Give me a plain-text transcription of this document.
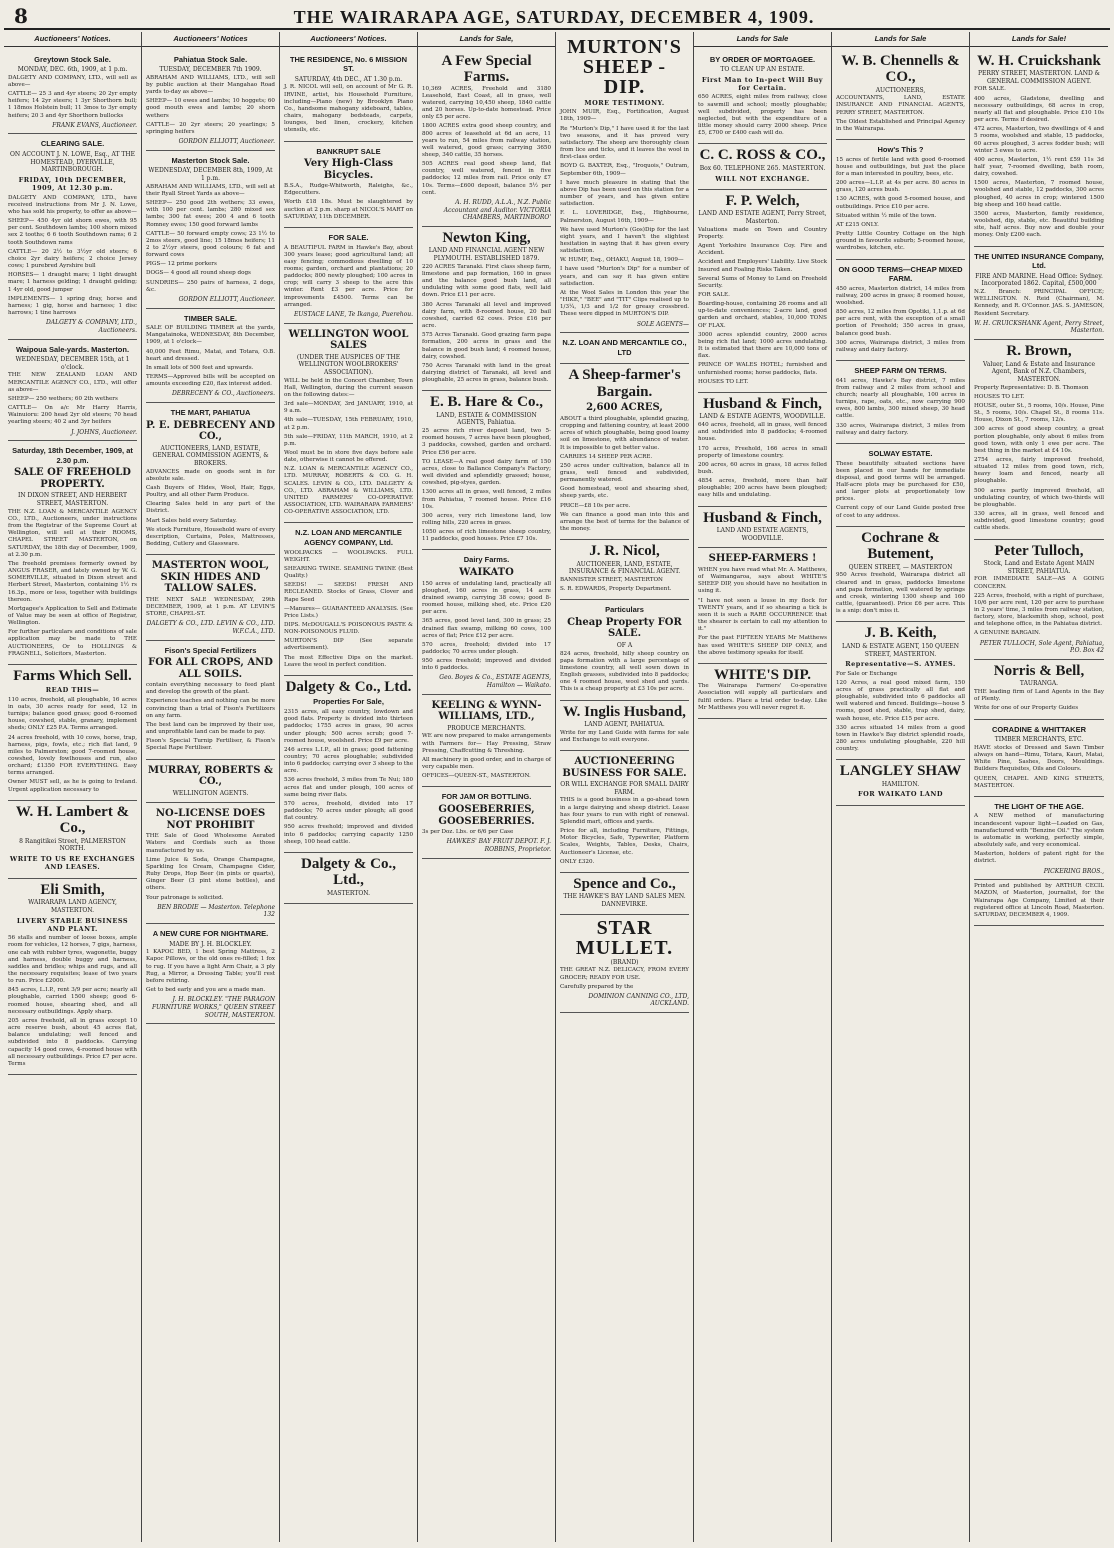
8	THE WAIRARAPA AGE, SATURDAY, DECEMBER 4, 1909.
Auctioneers' Notices.
Greytown Stock Sale.
MONDAY, DEC. 6th, 1909, at 1 p.m.

DALGETY AND COMPANY, LTD., will sell as above—

CATTLE— 25 3 and 4yr steers; 20 2yr empty heifers; 14 2yr steers; 1 3yr Shorthorn bull; 1 18mos Holstein bull; 11 3mos to 3yr empty heifers; 20 3 and 4yr Shorthorn bullocks

FRANK EVANS, Auctioneer.
CLEARING SALE.
ON ACCOUNT J. N. LOWE, Esq., AT THE HOMESTEAD, DYERVILLE, MARTINBOROUGH.
FRIDAY, 10th DECEMBER, 1909, At 12.30 p.m.

DALGETY AND COMPANY, LTD., have received instructions from Mr J. N. Lowe, who has sold his property, to offer as above—

SHEEP— 450 4yr old shorn ewes, with 95 per cent. Southdown lambs; 100 shorn mixed sex 2 tooths; 6 6 tooth Southdown rams; 6 2 tooth Southdown rams

CATTLE— 20 2½ to 3½yr old steers; 6 choice 2yr dairy heifers; 2 choice Jersey cows; 1 purebred Ayrshire bull

HORSES— 1 draught mare; 1 light draught mare; 1 harness gelding; 1 draught gelding; 1 4yr old, good jumper

IMPLEMENTS— 1 spring dray, horse and harness; 1 gig, horse and harness; 1 disc harrows; 1 tine harrows

DALGETY & COMPANY, LTD., Auctioneers.
Waipoua Sale-yards. Masterton.
WEDNESDAY, DECEMBER 15th, at 1 o'clock.

THE NEW ZEALAND LOAN AND MERCANTILE AGENCY CO., LTD., will offer as above—

SHEEP— 250 wethers; 60 2th wethers

CATTLE— On a/c Mr Harry Harris, Wainuioru: 200 head 2yr old steers; 70 head yearling steers; 40 2 and 3yr heifers

J. JOHNS, Auctioneer.
Saturday, 18th December, 1909, at 2.30 p.m.
SALE OF FREEHOLD PROPERTY.
IN DIXON STREET, AND HERBERT STREET, MASTERTON.

THE N.Z. LOAN & MERCANTILE AGENCY CO., LTD., Auctioneers, under instructions from the Registrar of the Supreme Court at Wellington, will sell at their ROOMS, CHAPEL STREET MASTERTON, on SATURDAY, the 18th day of December, 1909, at 2.30 p.m.

The freehold premises formerly owned by ANGUS FRASER, and lately owned by W. G. SOMERVILLE, situated in Dixon street and Herbert Street, Masterton, containing 1½ rs 16.3p., more or less, together with buildings thereon.

Mortgagee's Application to Sell and Estimate of Value may be seen at office of Registrar, Wellington.

For further particulars and conditions of sale application may be made to THE AUCTIONEERS, Or to HOLLINGS & FRAGNELL, Solicitors, Masterton.

Farms Which Sell.
READ THIS—

110 acres, freehold, all ploughable, 16 acres in oats, 30 acres ready for seed, 12 in turnips; balance good grass; good 6-roomed house, cowshed, stable, granary, implement sheds; ONLY £25 P.A. Terms arranged.

24 acres freehold, with 10 cows, horse, trap, harness, pigs, fowls, etc.; rich flat land, 9 miles to Palmerston; good 7-roomed house, cowshed, lovely fowlhouses and run, also orchard; £1350 FOR EVERYTHING. Easy terms arranged.

Owner MUST sell, as he is going to Ireland. Urgent application necessary to

W. H. Lambert & Co.,
8 Rangitikei Street, PALMERSTON NORTH.
WRITE TO US RE EXCHANGES AND LEASES.
Eli Smith,
WAIRARAPA LAND AGENCY, MASTERTON.
LIVERY STABLE BUSINESS AND PLANT.

56 stalls and number of loose boxes, ample room for vehicles, 12 horses, 7 gigs, harness, one cab with rubber tyres, wagonette, buggy and harness, double buggy and harness, saddles and bridles; whips and rugs, and all the necessary requisites; lease of two years to run. Price £2000.

845 acres, L.I.P., rent 3/9 per acre; nearly all ploughable, carried 1500 sheep; good 6-roomed house, shearing shed, and all necessary outbuildings. Apply sharp.

205 acres freehold, all in grass except 10 acre reserve bush, about 45 acres flat, balance undulating; well fenced and subdivided into 8 paddocks. Carrying capacity 14 good cows, 4-roomed house with all necessary outbuildings. Price £7 per acre. Terms

Auctioneers' Notices
Pahiatua Stock Sale.
TUESDAY, DECEMBER 7th 1909.

ABRAHAM AND WILLIAMS, LTD., will sell by public auction at their Mangahao Road yards to-day as above—

SHEEP— 10 ewes and lambs; 10 hoggets; 60 good mouth ewes and lambs; 20 shorn wethers

CATTLE— 20 2yr steers; 20 yearlings; 5 springing heifers

GORDON ELLIOTT, Auctioneer.
Masterton Stock Sale.
WEDNESDAY, DECEMBER 8th, 1909, At 1 p.m.

ABRAHAM AND WILLIAMS, LTD., will sell at their Ryall Street Yards as above—

SHEEP— 250 good 2th wethers; 33 ewes, with 100 per cent. lambs; 280 mixed sex lambs; 300 fat ewes; 200 4 and 6 tooth Romney ewes; 150 good forward lambs

CATTLE— 50 forward empty cows; 23 1½ to 2mos steers, good line; 15 18mos heifers; 11 2 to 2½yr steers, good colours; 6 fat and forward cows

PIGS— 12 prime porkers

DOGS— 4 good all round sheep dogs

SUNDRIES— 250 pairs of harness, 2 dogs, &c.

GORDON ELLIOTT, Auctioneer.
TIMBER SALE.

SALE OF BUILDING TIMBER at the yards, Mangatainoka, WEDNESDAY, 8th December, 1909, at 1 o'clock—

40,000 Feet Rimu, Matai, and Totara, O.B. heart and dressed.

In small lots of 500 feet and upwards.

TERMS—Approved bills will be accepted on amounts exceeding £20, flax interest added.

DEBRECENY & CO., Auctioneers.
THE MART, PAHIATUA
P. E. DEBRECENY AND CO.,
AUCTIONEERS, LAND, ESTATE, GENERAL COMMISSION AGENTS, & BROKERS.

ADVANCES made on goods sent in for absolute sale.

Cash Buyers of Hides, Wool, Hair, Eggs, Poultry, and all other Farm Produce.

Clearing Sales held in any part of the District.

Mart Sales held every Saturday.

We stock Furniture, Household ware of every description, Curtains, Poles, Mattresses, Bedding, Cutlery and Glassware.

MASTERTON WOOL, SKIN HIDES AND TALLOW SALES.

THE NEXT SALE WEDNESDAY, 29th DECEMBER, 1909, at 1 p.m. AT LEVIN'S STORE, CHAPEL-ST.

DALGETY & CO., LTD. LEVIN & CO., LTD. W.F.C.A., LTD.
Fison's Special Fertilizers
FOR ALL CROPS, AND ALL SOILS.

contain everything necessary to feed plant and develop the growth of the plant.

Experience teaches and nothing can be more convincing than a trial of Fison's Fertilizers on any farm.

The best land can be improved by their use, and unprofitable land can be made to pay.

Fison's Special Turnip Fertiliser, & Fison's Special Rape Fertiliser.

MURRAY, ROBERTS & CO.,
WELLINGTON AGENTS.
NO-LICENSE DOES NOT PROHIBIT

THE Sale of Good Wholesome Aerated Waters and Cordials such as those manufactured by us.

Lime Juice & Soda, Orange Champagne, Sparkling Ice Cream, Champagne Cider, Ruby Drops, Hop Beer (in pints or quarts), Ginger Beer (3 pint stone bottles), and others.

Your patronage is solicited.

BEN BRODIE — Masterton. Telephone 132
A NEW CURE FOR NIGHTMARE.
MADE BY J. H. BLOCKLEY.

1 KAPOC BED, 1 best Spring Mattress, 2 Kapoc Pillows, or the old ones re-filled; 1 fox to rug. If you have a light Arm Chair, a 3 ply Rug, a Mirror, a Dressing Table; you'll rest before retiring.

Get to bed early and you are a made man.

J. H. BLOCKLEY. "THE PARAGON FURNITURE WORKS," QUEEN STREET SOUTH, MASTERTON.
Auctioneers' Notices.
THE RESIDENCE, No. 6 MISSION ST.
SATURDAY, 4th DEC., AT 1.30 p.m.

J. R. NICOL will sell, on account of Mr G. R. IRVINE, artist, his Household Furniture, including—Piano (new) by Brooklyn Piano Co., handsome mahogany sideboard, tables, chairs, mahogany bedsteads, carpets, lounges, bed linen, crockery, kitchen utensils, etc.

BANKRUPT SALE
Very High-Class Bicycles.

B.S.A., Rudge-Whitworth, Raleighs, &c., Edgecutters.

Worth £18 18s. Must be slaughtered by auction at 2 p.m. sharp at NICOL'S MART on SATURDAY, 11th DECEMBER.

FOR SALE.

A BEAUTIFUL FARM in Hawke's Bay, about 300 years lease; good agricultural land; all easy fencing; commodious dwelling of 10 rooms; garden, orchard and plantations; 20 paddocks; 800 newly ploughed; 100 acres in crop; will carry 3 sheep to the acre this winter. Rent £3 per acre. Price for improvements £4500. Terms can be arranged.

EUSTACE LANE, Te Ikanga, Puerehou.
WELLINGTON WOOL SALES
(UNDER THE AUSPICES OF THE WELLINGTON WOOLBROKERS' ASSOCIATION).

WILL be held in the Concert Chamber, Town Hall, Wellington, during the current season on the following dates:—

3rd sale—MONDAY, 3rd JANUARY, 1910, at 9 a.m.

4th sale—TUESDAY, 15th FEBRUARY, 1910, at 2 p.m.

5th sale—FRIDAY, 11th MARCH, 1910, at 2 p.m.

Wool must be in store five days before sale date, otherwise it cannot be offered.

N.Z. LOAN & MERCANTILE AGENCY CO., LTD. MURRAY, ROBERTS & CO. G. H. SCALES. LEVIN & CO., LTD. DALGETY & CO., LTD. ABRAHAM & WILLIAMS, LTD. UNITED FARMERS' CO-OPERATIVE ASSOCIATION, LTD. WAIRARAPA FARMERS' CO-OPERATIVE ASSOCIATION, LTD.

N.Z. LOAN AND MERCANTILE AGENCY COMPANY, Ltd.

WOOLPACKS — WOOLPACKS. FULL WEIGHT.

SHEARING TWINE. SEAMING TWINE (Best Quality.)

SEEDS! — SEEDS! FRESH AND RECLEANED. Stocks of Grass, Clover and Rape Seed

—Manures— GUARANTEED ANALYSIS. (See Price Lists.)

DIPS. McDOUGALL'S POISONOUS PASTE & NON-POISONOUS FLUID.

MURTON'S DIP (See separate advertisement).

The most Effective Dips on the market. Leave the wool in perfect condition.

Dalgety & Co., Ltd.
Properties For Sale,

2315 acres, all easy country, lowdown and good flats. Property is divided into thirteen paddocks; 1755 acres in grass, 90 acres under plough; 500 acres scrub; good 7-roomed house, woolshed. Price £9 per acre.

246 acres L.I.P., all in grass; good fattening country; 70 acres ploughable; subdivided into 6 paddocks; carrying over 3 sheep to the acre.

536 acres freehold, 3 miles from Te Nui; 180 acres flat and under plough, 100 acres of same being river flats.

570 acres, freehold, divided into 17 paddocks; 70 acres under plough; all good flat country.

950 acres freehold; improved and divided into 6 paddocks; carrying capacity 1250 sheep, 100 head cattle.

Dalgety & Co., Ltd.,
MASTERTON.
Lands for Sale,
A Few Special Farms.

10,369 ACRES, Freehold and 3180 Leasehold, East Coast, all in grass, well watered, carrying 10,450 sheep, 1840 cattle and 20 horses. Up-to-date homestead. Price only £5 per acre.

1800 ACRES extra good sheep country, and 800 acres of leasehold at 6d an acre, 11 years to run, 54 miles from railway station, well watered, good grass; carrying 3650 sheep, 340 cattle, 35 horses.

505 ACRES real good sheep land, flat country, well watered, fenced in five paddocks; 12 miles from rail. Price only £7 10s. Terms—£600 deposit, balance 5½ per cent.

A. H. RUDD, A.L.A., N.Z. Public Accountant and Auditor. VICTORIA CHAMBERS, MARTINBORO'
Newton King,
LAND AND FINANCIAL AGENT NEW PLYMOUTH. ESTABLISHED 1879.

220 ACRES Taranaki. First class sheep farm, limestone and pap formation, 160 in grass and the balance good bush land, all undulating with some good flats, well laid down. Price £11 per acre.

380 Acres Taranaki all level and improved dairy farm, with 8-roomed house, 20 bail cowshed, carried 62 cows. Price £16 per acre.

575 Acres Taranaki. Good grazing farm papa formation, 200 acres in grass and the balance in good bush land; 4 roomed house, dairy, cowshed.

750 Acres Taranaki with land in the great dairying district of Taranaki, all level and ploughable, 25 acres in grass, balance bush.

E. B. Hare & Co.,
LAND, ESTATE & COMMISSION AGENTS, Pahiatua.

25 acres rich river deposit land, two 5-roomed houses, 7 acres have been ploughed, 3 paddocks, cowshed, garden and orchard. Price £56 per acre.

TO LEASE—A real good dairy farm of 150 acres, close to Ballance Company's Factory; well divided and splendidly grassed; house, cowshed, pig-styes, garden.

1300 acres all in grass, well fenced, 2 miles from Pahiatua, 7 roomed house. Price £16 10s.

300 acres, very rich limestone land, low rolling hills, 220 acres in grass.

1050 acres of rich limestone sheep country, 11 paddocks, good houses. Price £7 10s.

Dairy Farms.
WAIKATO

150 acres of undulating land, practically all ploughed, 160 acres in grass, 14 acre drained swamp, carrying 38 cows; good 8-roomed house, milking shed, etc. Price £20 per acre.

365 acres, good level land, 300 in grass; 25 drained flax swamp, milking 60 cows, 100 acres of flat; Price £12 per acre.

570 acres, freehold; divided into 17 paddocks; 70 acres under plough.

950 acres freehold; improved and divided into 6 paddocks.

Geo. Boyes & Co., ESTATE AGENTS, Hamilton — Waikato.
KEELING & WYNN-WILLIAMS, LTD.,
PRODUCE MERCHANTS.

WE are now prepared to make arrangements with Farmers for— Hay Pressing, Straw Pressing, Chaffcutting & Threshing.

All machinery in good order, and in charge of very capable men.

OFFICES—QUEEN-ST., MASTERTON.

FOR JAM OR BOTTLING.
GOOSEBERRIES, GOOSEBERRIES.

3s per Doz. Lbs. or 6/6 per Case

HAWKES' BAY FRUIT DEPOT. F. J. ROBBINS, Proprietor.
MURTON'S SHEEP - DIP.
MORE TESTIMONY.

JOHN MUIR, Esq., Fortification, August 18th, 1909—

Re "Murton's Dip," I have used it for the last two seasons, and it has proved very satisfactory. The sheep are thoroughly clean from lice and ticks, and it leaves the wool in first-class order.

BOYD G. BAXTER, Esq., "Iroquois," Outram, September 6th, 1909—

I have much pleasure in stating that the above Dip has been used on this station for a number of years, and has given entire satisfaction.

F. L. LOVERIDGE, Esq., Highbourne, Palmerston, August 16th, 1909—

We have used Murton's (Gos)Dip for the last eight years, and I haven't the slightest hesitation in saying that it has given every satisfaction.

W. HUMF, Esq., OHAKU, August 18, 1909—

I have used "Murton's Dip" for a number of years, and can say it has given entire satisfaction.

At the Wool Sales in London this year the "HIKE," "BEE" and "TIT" Clips realised up to 1/3¼, 1/3 and 1/2 for greasy crossbred. These were dipped in MURTON'S DIP.

SOLE AGENTS—
N.Z. LOAN AND MERCANTILE CO., LTD
A Sheep-farmer's Bargain.
2,600 ACRES,

ABOUT a third ploughable, splendid grazing, cropping and fattening country, at least 2000 acres of which ploughable, being good loamy soil on limestone, with abundance of water. It is impossible to get better value.

CARRIES 14 SHEEP PER ACRE.

250 acres under cultivation, balance all in grass, well fenced and subdivided, permanently watered.

Good homestead, wool and shearing shed, sheep yards, etc.

PRICE—£8 10s per acre.

We can finance a good man into this and arrange the best of terms for the balance of the money.

J. R. Nicol,
AUCTIONEER, LAND, ESTATE, INSURANCE & FINANCIAL AGENT.

BANNISTER STREET, MASTERTON

S. R. EDWARDS, Property Department.

Particulars
Cheap Property FOR SALE.
OF A

824 acres, freehold, hilly sheep country on papa formation with a large percentage of limestone country, all well sown down in English grasses, subdivided into 8 paddocks; one 4 roomed house, wool shed and yards. This is a cheap property at £3 10s per acre.

W. Inglis Husband,
LAND AGENT, PAHIATUA.

Write for my Land Guide with farms for sale and Exchange to suit everyone.

AUCTIONEERING BUSINESS FOR SALE.
OR WILL EXCHANGE FOR SMALL DAIRY FARM.

THIS is a good business in a go-ahead town in a large dairying and sheep district. Lease has four years to run with right of renewal. Splendid mart, offices and yards.

Price for all, including Furniture, Fittings, Motor Bicycles, Safe, Typewriter, Platform Scales, Weights, Tables, Desks, Chairs, Auctioneer's License, etc.

ONLY £320.

Spence and Co.,
THE HAWKE'S BAY LAND SALES MEN. DANNEVIRKE.
STAR MULLET.
(BRAND)

THE GREAT N.Z. DELICACY, FROM EVERY GROCER; READY FOR USE.

Carefully prepared by the

DOMINION CANNING CO., LTD, AUCKLAND.
Lands for Sale
BY ORDER OF MORTGAGEE.
TO CLEAN UP AN ESTATE.
First Man to In-pect Will Buy for Certain.

650 ACRES, eight miles from railway, close to sawmill and school; mostly ploughable; well subdivided, property has been neglected, but with the expenditure of a little money should carry 2000 sheep. Price £5, £700 or £400 cash will do.

C. C. ROSS & CO.,
Box 60. TELEPHONE 265. MASTERTON.
WILL NOT EXCHANGE.
F. P. Welch,
LAND AND ESTATE AGENT, Perry Street, Masterton.

Valuations made on Town and Country Property.

Agent Yorkshire Insurance Coy. Fire and Accident.

Accident and Employers' Liability. Live Stock Insured and Foaling Risks Taken.

Several Sums of Money to Lend on Freehold Security.

FOR SALE.

Boarding-house, containing 26 rooms and all up-to-date conveniences; 2-acre land, good garden and orchard, stables, 10,000 TONS OF FLAX.

3000 acres splendid country, 2000 acres being rich flat land; 1000 acres undulating. It is estimated that there are 10,000 tons of flax.

PRINCE OF WALES HOTEL; furnished and unfurnished rooms; horse paddocks, flats.

HOUSES TO LET.

Husband & Finch,
LAND & ESTATE AGENTS, WOODVILLE.

640 acres, freehold, all in grass, well fenced and subdivided into 8 paddocks; 4-roomed house.

170 acres, Freehold, 166 acres in small property of limestone country.

200 acres, 60 acres in grass, 18 acres felled bush.

4854 acres, freehold, more than half ploughable; 200 acres have been ploughed; easy hills and undulating.

Husband & Finch,
LAND AND ESTATE AGENTS, WOODVILLE.
SHEEP-FARMERS !

WHEN you have read what Mr. A. Matthews, of Waimangaroa, says about WHITE'S SHEEP DIP, you should have no hesitation in using it.

"I have not seen a louse in my flock for TWENTY years, and if so shearing a tick is seen it is such a RARE OCCURRENCE that the shearer is certain to call my attention to it."

For the past FIFTEEN YEARS Mr Matthews has used WHITE'S SHEEP DIP ONLY, and the above testimony speaks for itself.

WHITE'S DIP.

The Wairarapa Farmers' Co-operative Association will supply all particulars and fulfil orders. Place a trial order to-day. Like Mr Matthews you will never regret it.

Lands for Sale
W. B. Chennells & CO.,
AUCTIONEERS,

ACCOUNTANTS, LAND, ESTATE INSURANCE AND FINANCIAL AGENTS, PERRY STREET, MASTERTON.

The Oldest Established and Principal Agency in the Wairarapa.

How's This ?

15 acres of fertile land with good 6-roomed house and outbuildings, but just the place for a man interested in poultry, bees, etc.

200 acres—L.I.P. at 4s per acre. 80 acres in grass, 120 acres bush.

130 ACRES, with good 5-roomed house, and outbuildings. Price £10 per acre.

Situated within ½ mile of the town.

AT £215 ONLY.

Pretty Little Country Cottage on the high ground in favourite suburb; 5-roomed house, wardrobes, kitchen, etc.

ON GOOD TERMS—CHEAP MIXED FARM.

450 acres, Masterton district, 14 miles from railway, 200 acres in grass; 8 roomed house, woolshed.

850 acres, 12 miles from Opotiki, 1,1.p. at 6d per acre rent, with the exception of a small portion of Freehold; 350 acres in grass, balance good bush.

300 acres, Wairarapa district, 3 miles from railway and dairy factory.

SHEEP FARM ON TERMS.

641 acres, Hawke's Bay district, 7 miles from railway and 2 miles from school and church; nearly all ploughable, 100 acres in turnips, rape, oats, etc., now carrying 900 ewes, 800 lambs, 300 mixed sheep, 30 head cattle.

330 acres, Wairarapa district, 3 miles from railway and dairy factory.

SOLWAY ESTATE.

These beautifully situated sections have been placed in our hands for immediate disposal, and good terms will be arranged. Half-acre plots may be purchased for £50, and larger plots at proportionately low prices.

Current copy of our Land Guide posted free of cost to any address.

Cochrane & Butement,
QUEEN STREET, — MASTERTON

950 Acres freehold, Wairarapa district all cleared and in grass, paddocks limestone and papa formation, well watered by springs and creek, wintering 1300 sheep and 160 cattle, (guaranteed). Price £6 per acre. This is a snip: don't miss it.

J. B. Keith,
LAND & ESTATE AGENT, 150 QUEEN STREET, MASTERTON.
Representative—S. AYMES.

For Sale or Exchange

120 Acres, a real good mixed farm, 150 acres of grass practically all flat and ploughable, subdivided into 6 paddocks all well watered and fenced. Buildings—house 5 rooms, good shed, stable, trap shed, dairy, wash house, etc. Price £15 per acre.

330 acres situated 14 miles from a good town in Hawke's Bay district splendid roads, 280 acres undulating ploughable, 220 hill country.

LANGLEY SHAW
HAMILTON.
FOR WAIKATO LAND
Lands for Sale!
W. H. Cruickshank
PERRY STREET, MASTERTON. LAND & GENERAL COMMISSION AGENT.

FOR SALE.

400 acres, Gladstone, dwelling and necessary outbuildings, 68 acres in crop, nearly all flat and ploughable. Price £10 10s per acre. Terms if desired.

472 acres, Masterton, two dwellings of 4 and 5 rooms, woolshed and stable, 15 paddocks, 60 acres ploughed, 3 acres fodder bush; will winter 3 ewes to acre.

400 acres, Masterton, 1½ rent £59 11s 3d half year, 7-roomed dwelling, bath room, dairy, cowshed.

1500 acres, Masterton, 7 roomed house, woolshed and stable, 12 paddocks, 300 acres ploughed, 40 acres in crop; wintered 1500 big sheep and 160 head cattle.

3500 acres, Masterton, family residence, woolshed, dip, stable, etc. Beautiful building site, half acres. Buy now and double your money. Only £200 each.

THE UNITED INSURANCE Company, Ltd.
FIRE AND MARINE. Head Office: Sydney. Incorporated 1862. Capital, £500,000

N.Z. Branch: PRINCIPAL OFFICE; WELLINGTON. N. Reid (Chairman), M. Kennedy, and R. O'Connor. JAS. S. JAMESON, Resident Secretary.

W. H. CRUICKSHANK Agent, Perry Street, Masterton.
R. Brown,
Valuer, Land & Estate and Insurance Agent, Bank of N.Z. Chambers, MASTERTON.

Property Representative: D. B. Thomson

HOUSES TO LET.

HOUSE, outer St., 5 rooms, 10/s. House, Pine St., 5 rooms, 10/s. Chapel St., 8 rooms 11s. House, Dixon St., 7 rooms, 12/s.

300 acres of good sheep country, a great portion ploughable, only about 6 miles from good town, with only 1 ewe per acre. The best thing in the market at £4 10s.

2754 acres, fairly improved freehold, situated 12 miles from good town, rich, heavy loam and fenced, nearly all ploughable.

500 acres partly improved freehold, all undulating country, of which two-thirds will be ploughable.

330 acres, all in grass, well fenced and subdivided, good limestone country; good cattle sheds.

Peter Tulloch,
Stock, Land and Estate Agent MAIN STREET, PAHIATUA.

FOR IMMEDIATE SALE—AS A GOING CONCERN.

225 Acres, freehold, with a right of purchase, 10/6 per acre rent, 120 per acre to purchase in 2 years' time, 3 miles from railway station, factory, store, blacksmith shop, school, post and telephone office, in the Pahiatua district.

A GENUINE BARGAIN.

PETER TULLOCH, Sole Agent, Pahiatua, P.O. Box 42
Norris & Bell,
TAURANGA.

THE leading firm of Land Agents in the Bay of Plenty.

Write for one of our Property Guides

CORADINE & WHITTAKER
TIMBER MERCHANTS, ETC.

HAVE stocks of Dressed and Sawn Timber always on hand—Rimu, Totara, Kauri, Matai, White Pine, Sashes, Doors, Mouldings. Builders Requisites, Oils and Colours.

QUEEN, CHAPEL AND KING STREETS, MASTERTON.

THE LIGHT OF THE AGE.

A NEW method of manufacturing incandescent vapour light—Loaded on Gas, manufactured with "Benzine Oil." The system is automatic in working, perfectly simple, absolutely safe, and very economical.

Masterton, holders of patent right for the district.

PICKERING BROS.,

Printed and published by ARTHUR CECIL MAZON, of Masterton, journalist, for the Wairarapa Age Company, Limited at their registered office at Lincoln Road, Masterton. SATURDAY, DECEMBER 4, 1909.
